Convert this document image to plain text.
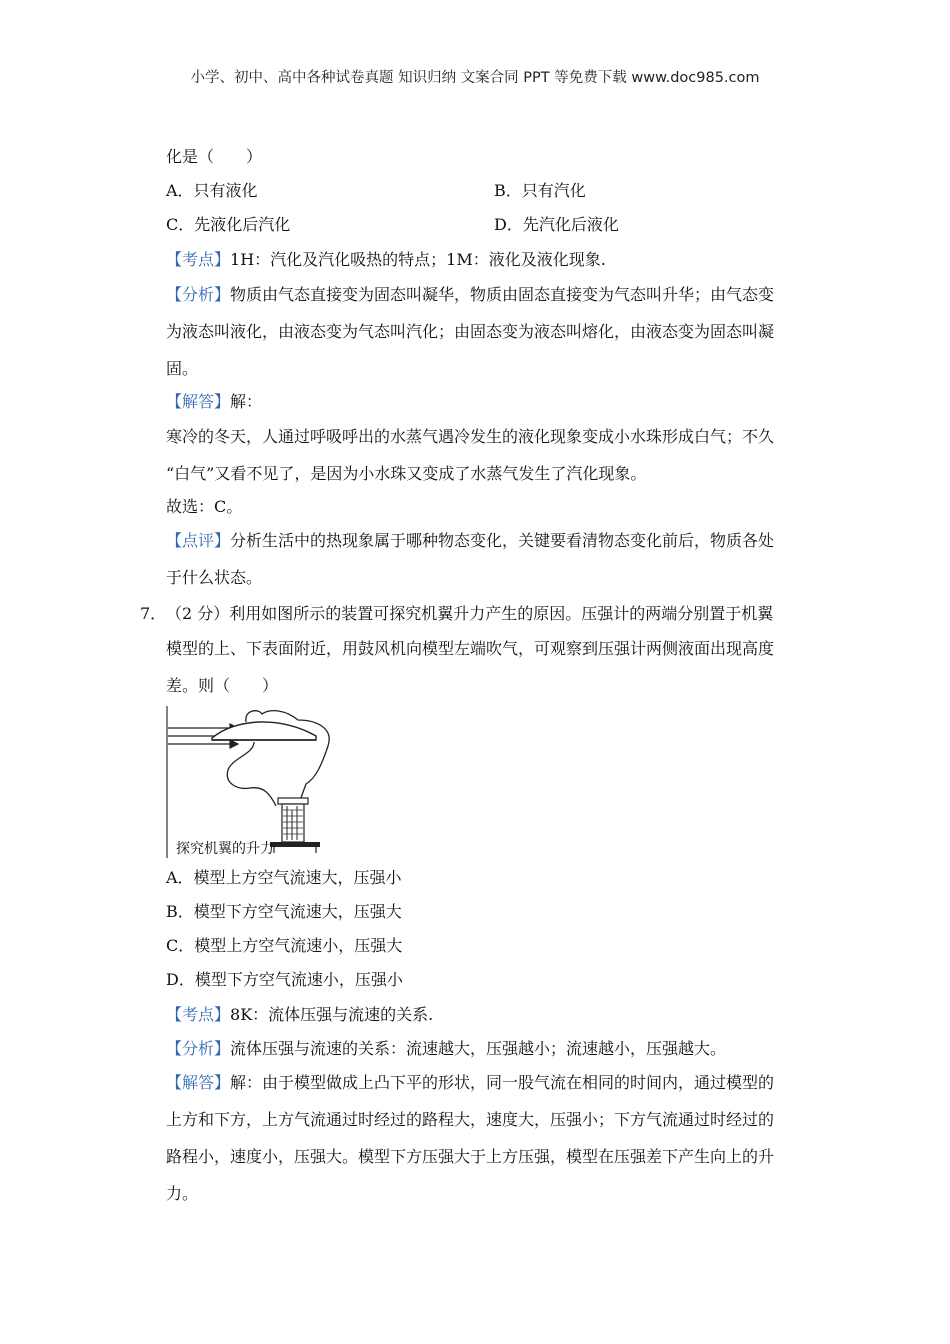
小学、初中、高中各种试卷真题 知识归纳 文案合同 PPT 等免费下载 www.doc985.com
化是（　　）
A．只有液化	B．只有汽化
C．先液化后汽化	D．先汽化后液化
【考点】1H：汽化及汽化吸热的特点；1M：液化及液化现象.
【分析】物质由气态直接变为固态叫凝华，物质由固态直接变为气态叫升华；由气态变
为液态叫液化，由液态变为气态叫汽化；由固态变为液态叫熔化，由液态变为固态叫凝
固。
【解答】解：
寒冷的冬天，人通过呼吸呼出的水蒸气遇冷发生的液化现象变成小水珠形成白气；不久
“白气”又看不见了，是因为小水珠又变成了水蒸气发生了汽化现象。
故选：C。
【点评】分析生活中的热现象属于哪种物态变化，关键要看清物态变化前后，物质各处
于什么状态。
7． （2 分）利用如图所示的装置可探究机翼升力产生的原因。压强计的两端分别置于机翼
模型的上、下表面附近，用鼓风机向模型左端吹气，可观察到压强计两侧液面出现高度
差。则（　　）
探究机翼的升力
A．模型上方空气流速大，压强小
B．模型下方空气流速大，压强大
C．模型上方空气流速小，压强大
D．模型下方空气流速小，压强小
【考点】8K：流体压强与流速的关系.
【分析】流体压强与流速的关系：流速越大，压强越小；流速越小，压强越大。
【解答】解：由于模型做成上凸下平的形状，同一股气流在相同的时间内，通过模型的
上方和下方，上方气流通过时经过的路程大，速度大，压强小；下方气流通过时经过的
路程小，速度小，压强大。模型下方压强大于上方压强，模型在压强差下产生向上的升
力。
